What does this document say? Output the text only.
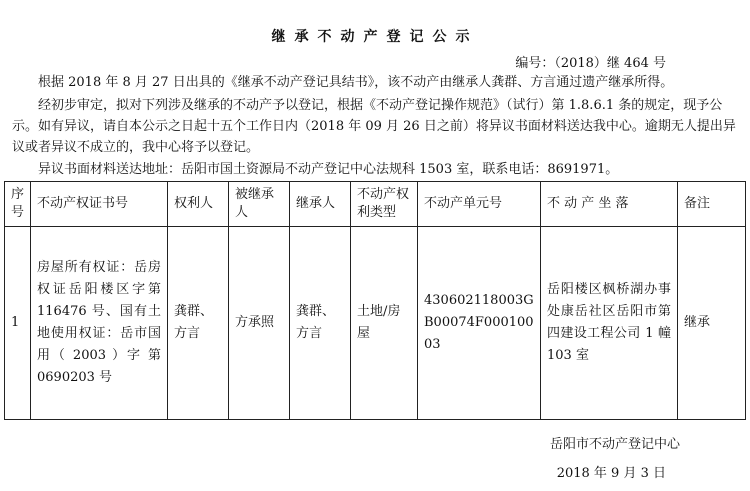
继承不动产登记公示
编号：（2018）继 464 号
根据 2018 年 8 月 27 日出具的《继承不动产登记具结书》，该不动产由继承人龚群、方言通过遗产继承所得。
经初步审定，拟对下列涉及继承的不动产予以登记，根据《不动产登记操作规范》（试行）第 1.8.6.1 条的规定，现予公示。如有异议，请自本公示之日起十五个工作日内（2018 年 09 月 26 日之前）将异议书面材料送达我中心。逾期无人提出异议或者异议不成立的，我中心将予以登记。
异议书面材料送达地址：岳阳市国土资源局不动产登记中心法规科 1503 室，联系电话：8691971。
序号	不动产权证书号	权利人	被继承人	继承人	不动产权利类型	不动产单元号	不 动 产 坐 落	备注
1	房屋所有权证：岳房权证岳阳楼区字第 116476 号、国有土地使用权证：岳市国用（ 2003 ）字 第 0690203 号	龚群、方言	方承照	龚群、方言	土地/房屋	430602118003GB00074F00010003	岳阳楼区枫桥湖办事处康岳社区岳阳市第四建设工程公司 1 幢 103 室	继承
岳阳市不动产登记中心
2018 年 9 月 3 日
